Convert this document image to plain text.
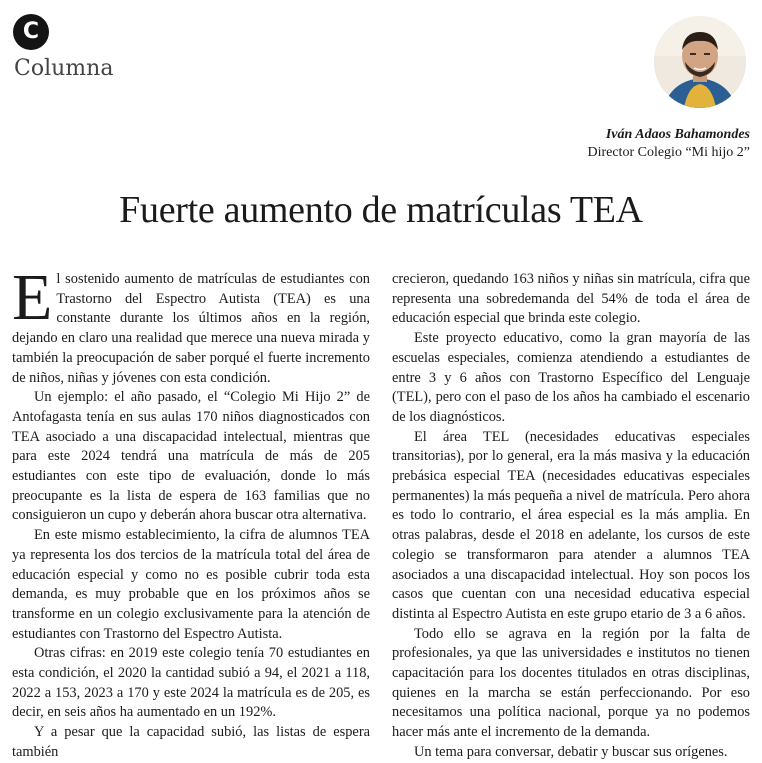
C
Columna
Iván Adaos Bahamondes
Director Colegio “Mi hijo 2”
Fuerte aumento de matrículas TEA

El sostenido aumento de matrículas de estudiantes con Trastorno del Espectro Autista (TEA) es una constante durante los últimos años en la región, dejando en claro una realidad que merece una nueva mirada y también la preocupación de saber porqué el fuerte incremento de niños, niñas y jóvenes con esta condición.

Un ejemplo: el año pasado, el “Colegio Mi Hijo 2” de Antofagasta tenía en sus aulas 170 niños diagnosticados con TEA asociado a una discapacidad intelectual, mientras que para este 2024 tendrá una matrícula de más de 205 estudiantes con este tipo de evaluación, donde lo más preocupante es la lista de espera de 163 familias que no consiguieron un cupo y deberán ahora buscar otra alternativa.

En este mismo establecimiento, la cifra de alumnos TEA ya representa los dos tercios de la matrícula total del área de educación especial y como no es posible cubrir toda esta demanda, es muy probable que en los próximos años se transforme en un colegio exclusivamente para la atención de estudiantes con Trastorno del Espectro Autista.

Otras cifras: en 2019 este colegio tenía 70 estudiantes en esta condición, el 2020 la cantidad subió a 94, el 2021 a 118, 2022 a 153, 2023 a 170 y este 2024 la matrícula es de 205, es decir, en seis años ha aumentado en un 192%.

Y a pesar que la capacidad subió, las listas de espera también

crecieron, quedando 163 niños y niñas sin matrícula, cifra que representa una sobredemanda del 54% de toda el área de educación especial que brinda este colegio.

Este proyecto educativo, como la gran mayoría de las escuelas especiales, comienza atendiendo a estudiantes de entre 3 y 6 años con Trastorno Específico del Lenguaje (TEL), pero con el paso de los años ha cambiado el escenario de los diagnósticos.

El área TEL (necesidades educativas especiales transitorias), por lo general, era la más masiva y la educación prebásica especial TEA (necesidades educativas especiales permanentes) la más pequeña a nivel de matrícula. Pero ahora es todo lo contrario, el área especial es la más amplia. En otras palabras, desde el 2018 en adelante, los cursos de este colegio se transformaron para atender a alumnos TEA asociados a una discapacidad intelectual. Hoy son pocos los casos que cuentan con una necesidad educativa especial distinta al Espectro Autista en este grupo etario de 3 a 6 años.

Todo ello se agrava en la región por la falta de profesionales, ya que las universidades e institutos no tienen capacitación para los docentes titulados en otras disciplinas, quienes en la marcha se están perfeccionando. Por eso necesitamos una política nacional, porque ya no podemos hacer más ante el incremento de la demanda.

Un tema para conversar, debatir y buscar sus orígenes.
